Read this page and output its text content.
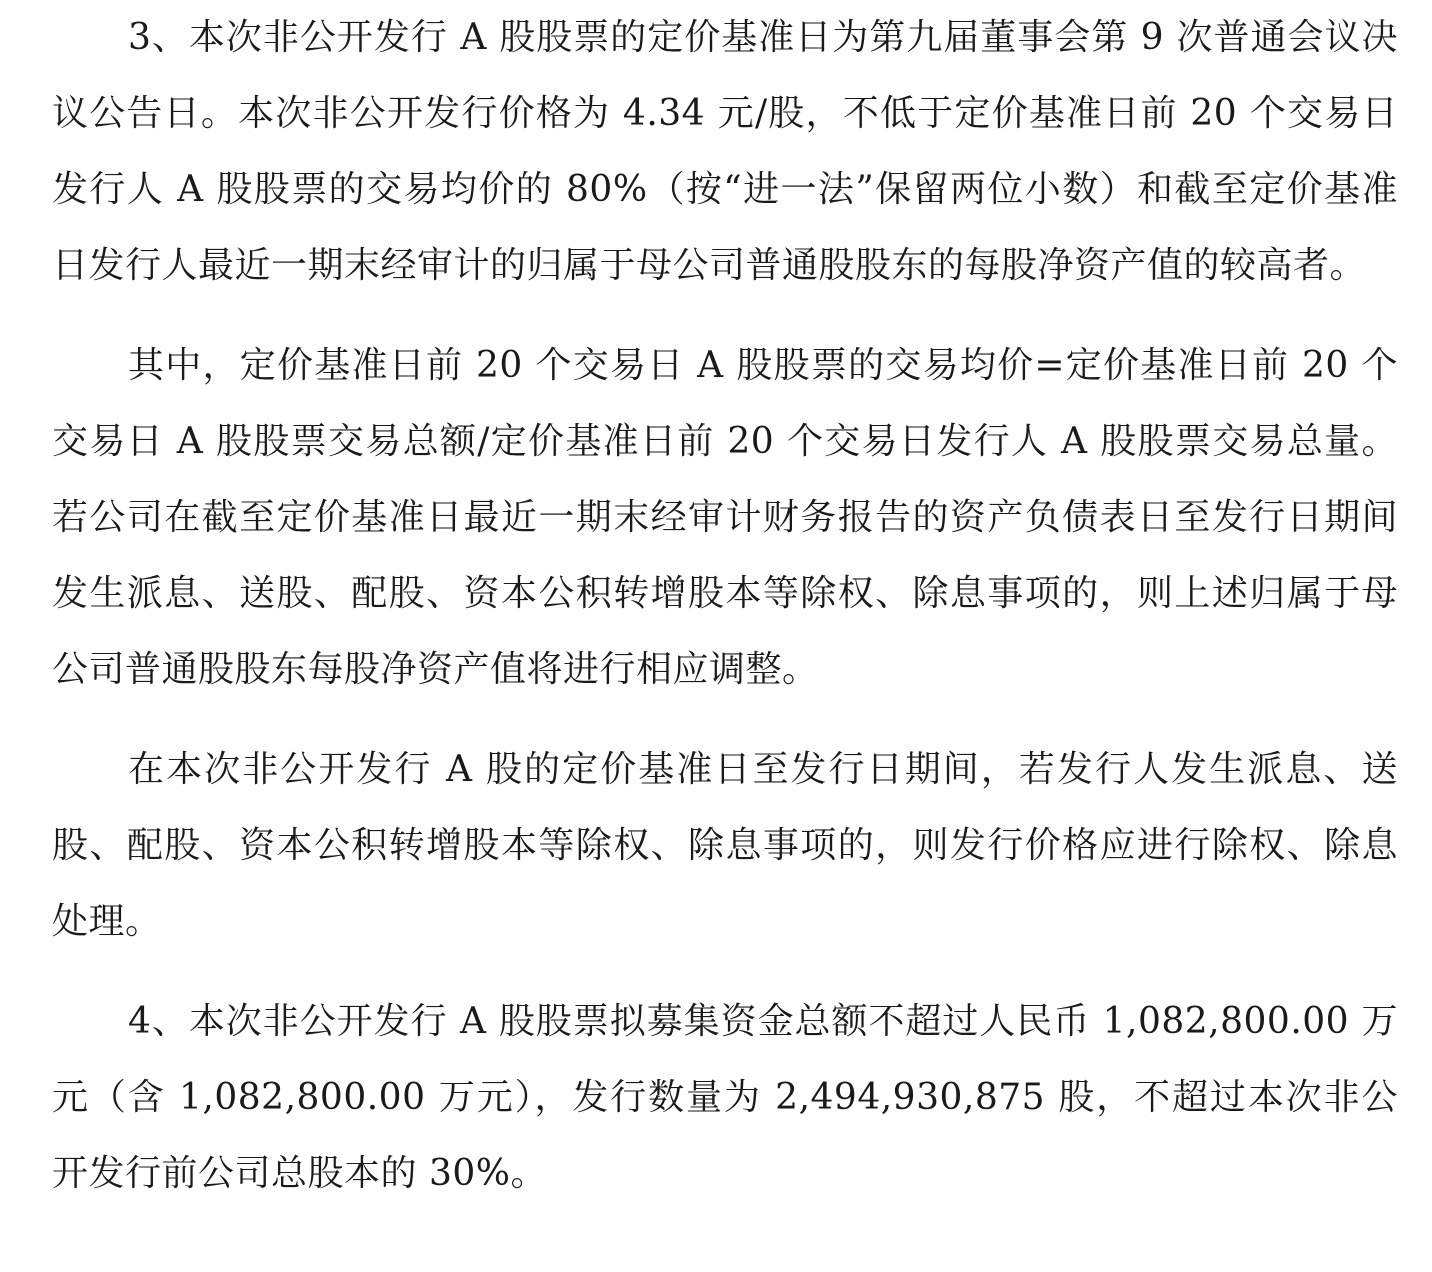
3、本次非公开发行 A 股股票的定价基准日为第九届董事会第 9 次普通会议决议公告日。本次非公开发行价格为 4.34 元/股，不低于定价基准日前 20 个交易日发行人 A 股股票的交易均价的 80%（按“进一法”保留两位小数）和截至定价基准日发行人最近一期末经审计的归属于母公司普通股股东的每股净资产值的较高者。

其中，定价基准日前 20 个交易日 A 股股票的交易均价=定价基准日前 20 个交易日 A 股股票交易总额/定价基准日前 20 个交易日发行人 A 股股票交易总量。若公司在截至定价基准日最近一期末经审计财务报告的资产负债表日至发行日期间发生派息、送股、配股、资本公积转增股本等除权、除息事项的，则上述归属于母公司普通股股东每股净资产值将进行相应调整。

在本次非公开发行 A 股的定价基准日至发行日期间，若发行人发生派息、送股、配股、资本公积转增股本等除权、除息事项的，则发行价格应进行除权、除息处理。

4、本次非公开发行 A 股股票拟募集资金总额不超过人民币 1,082,800.00 万元（含 1,082,800.00 万元），发行数量为 2,494,930,875 股，不超过本次非公开发行前公司总股本的 30%。
